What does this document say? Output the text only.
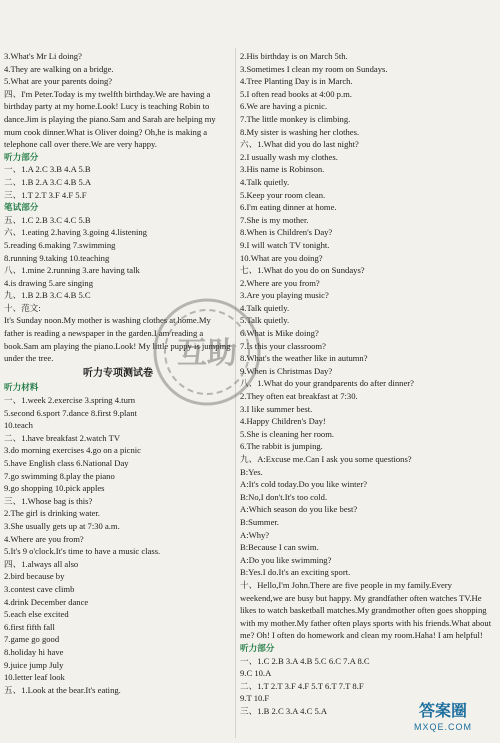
3.What's Mr Li doing?
4.They are walking on a bridge.
5.What are your parents doing?
四、I'm Peter.Today is my twelfth birthday.We are having a birthday party at my home.Look! Lucy is teaching Robin to dance.Jim is playing the piano.Sam and Sarah are helping my mum cook dinner.What is Oliver doing? Oh,he is making a telephone call over there.We are very happy.
听力部分
一、1.A 2.C 3.B 4.A 5.B
二、1.B 2.A 3.C 4.B 5.A
三、1.T 2.T 3.F 4.F 5.F
笔试部分
五、1.C 2.B 3.C 4.C 5.B
六、1.eating 2.having 3.going 4.listening
5.reading 6.making 7.swimming
8.running 9.taking 10.teaching
八、1.mine 2.running 3.are having talk
4.is drawing 5.are singing
九、1.B 2.B 3.C 4.B 5.C
十、范文:
It's Sunday noon.My mother is washing clothes at home.My father is reading a newspaper in the garden.I am reading a book.Sam am playing the piano.Look! My little puppy is jumping under the tree.
听力专项测试卷
听力材料
一、1.week 2.exercise 3.spring 4.turn
5.second 6.sport 7.dance 8.first 9.plant
10.teach
二、1.have breakfast 2.watch TV
3.do morning exercises 4.go on a picnic
5.have English class 6.National Day
7.go swimming 8.play the piano
9.go shopping 10.pick apples
三、1.Whose bag is this?
2.The girl is drinking water.
3.She usually gets up at 7:30 a.m.
4.Where are you from?
5.It's 9 o'clock.It's time to have a music class.
四、1.always all also
2.bird because by
3.contest cave climb
4.drink December dance
5.each else excited
6.first fifth fall
7.game go good
8.holiday hi have
9.juice jump July
10.letter leaf look
五、1.Look at the bear.It's eating.
2.His birthday is on March 5th.
3.Sometimes I clean my room on Sundays.
4.Tree Planting Day is in March.
5.I often read books at 4:00 p.m.
6.We are having a picnic.
7.The little monkey is climbing.
8.My sister is washing her clothes.
六、1.What did you do last night?
2.I usually wash my clothes.
3.His name is Robinson.
4.Talk quietly.
5.Keep your room clean.
6.I'm eating dinner at home.
7.She is my mother.
8.When is Children's Day?
9.I will watch TV tonight.
10.What are you doing?
七、1.What do you do on Sundays?
2.Where are you from?
3.Are you playing music?
4.Talk quietly.
5.Talk quietly.
6.What is Mike doing?
7.Is this your classroom?
8.What's the weather like in autumn?
9.When is Christmas Day?
八、1.What do your grandparents do after dinner?
2.They often eat breakfast at 7:30.
3.I like summer best.
4.Happy Children's Day!
5.She is cleaning her room.
6.The rabbit is jumping.
九、A:Excuse me.Can I ask you some questions?
B:Yes.
A:It's cold today.Do you like winter?
B:No,I don't.It's too cold.
A:Which season do you like best?
B:Summer.
A:Why?
B:Because I can swim.
A:Do you like swimming?
B:Yes.I do.It's an exciting sport.
十、Hello,I'm John.There are five people in my family.Every weekend,we are busy but happy. My grandfather often watches TV.He likes to watch basketball matches.My grandmother often goes shopping with my mother.My father often plays sports with his friends.What about me? Oh! I often do homework and clean my room.Haha! I am helpful!
听力部分
一、1.C 2.B 3.A 4.B 5.C 6.C 7.A 8.C
9.C 10.A
二、1.T 2.T 3.F 4.F 5.T 6.T 7.T 8.F
9.T 10.F
三、1.B 2.C 3.A 4.C 5.A
互助
答案圈
MXQE.COM
